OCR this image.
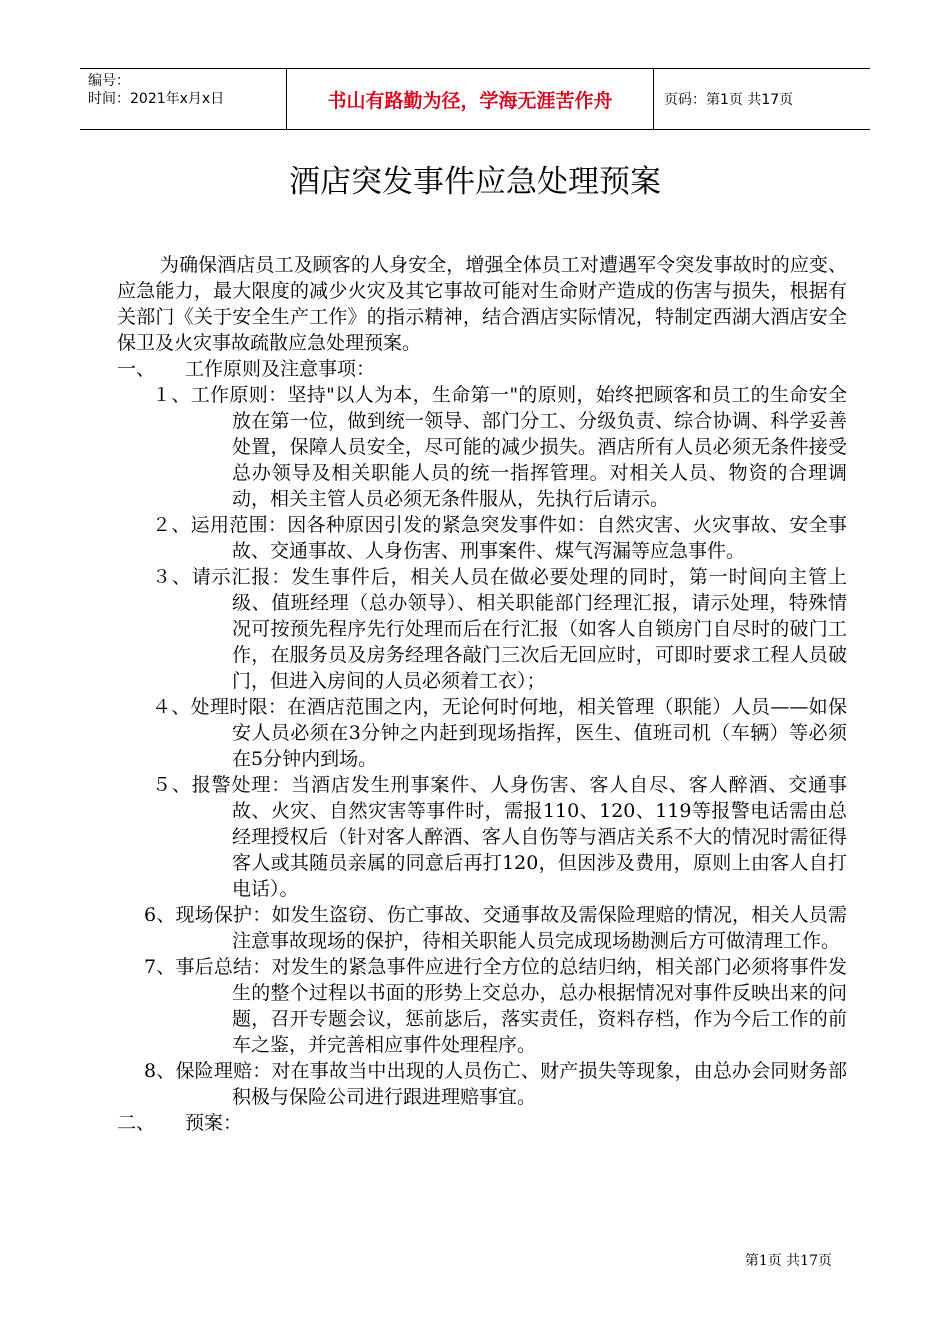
编号：
时间：2021年x月x日	书山有路勤为径，学海无涯苦作舟	页码：第1页 共17页
酒店突发事件应急处理预案

为确保酒店员工及顾客的人身安全，增强全体员工对遭遇军令突发事故时的应变、应急能力，最大限度的减少火灾及其它事故可能对生命财产造成的伤害与损失，根据有关部门《关于安全生产工作》的指示精神，结合酒店实际情况，特制定西湖大酒店安全保卫及火灾事故疏散应急处理预案。

一、	工作原则及注意事项：

１、工作原则：坚持"以人为本，生命第一"的原则，始终把顾客和员工的生命安全放在第一位，做到统一领导、部门分工、分级负责、综合协调、科学妥善处置，保障人员安全，尽可能的减少损失。酒店所有人员必须无条件接受总办领导及相关职能人员的统一指挥管理。对相关人员、物资的合理调动，相关主管人员必须无条件服从，先执行后请示。

２、运用范围：因各种原因引发的紧急突发事件如：自然灾害、火灾事故、安全事故、交通事故、人身伤害、刑事案件、煤气泻漏等应急事件。

３、请示汇报：发生事件后，相关人员在做必要处理的同时，第一时间向主管上级、值班经理（总办领导）、相关职能部门经理汇报，请示处理，特殊情况可按预先程序先行处理而后在行汇报（如客人自锁房门自尽时的破门工作，在服务员及房务经理各敲门三次后无回应时，可即时要求工程人员破门，但进入房间的人员必须着工衣）；

４、处理时限：在酒店范围之内，无论何时何地，相关管理（职能）人员——如保安人员必须在3分钟之内赶到现场指挥，医生、值班司机（车辆）等必须在5分钟内到场。

５、报警处理：当酒店发生刑事案件、人身伤害、客人自尽、客人醉酒、交通事故、火灾、自然灾害等事件时，需报110、120、119等报警电话需由总经理授权后（针对客人醉酒、客人自伤等与酒店关系不大的情况时需征得客人或其随员亲属的同意后再打120，但因涉及费用，原则上由客人自打电话）。

6、现场保护：如发生盗窃、伤亡事故、交通事故及需保险理赔的情况，相关人员需注意事故现场的保护，待相关职能人员完成现场勘测后方可做清理工作。

7、事后总结：对发生的紧急事件应进行全方位的总结归纳，相关部门必须将事件发生的整个过程以书面的形势上交总办，总办根据情况对事件反映出来的问题，召开专题会议，惩前毖后，落实责任，资料存档，作为今后工作的前车之鉴，并完善相应事件处理程序。

8、保险理赔：对在事故当中出现的人员伤亡、财产损失等现象，由总办会同财务部积极与保险公司进行跟进理赔事宜。

二、	预案：
第1页 共17页
